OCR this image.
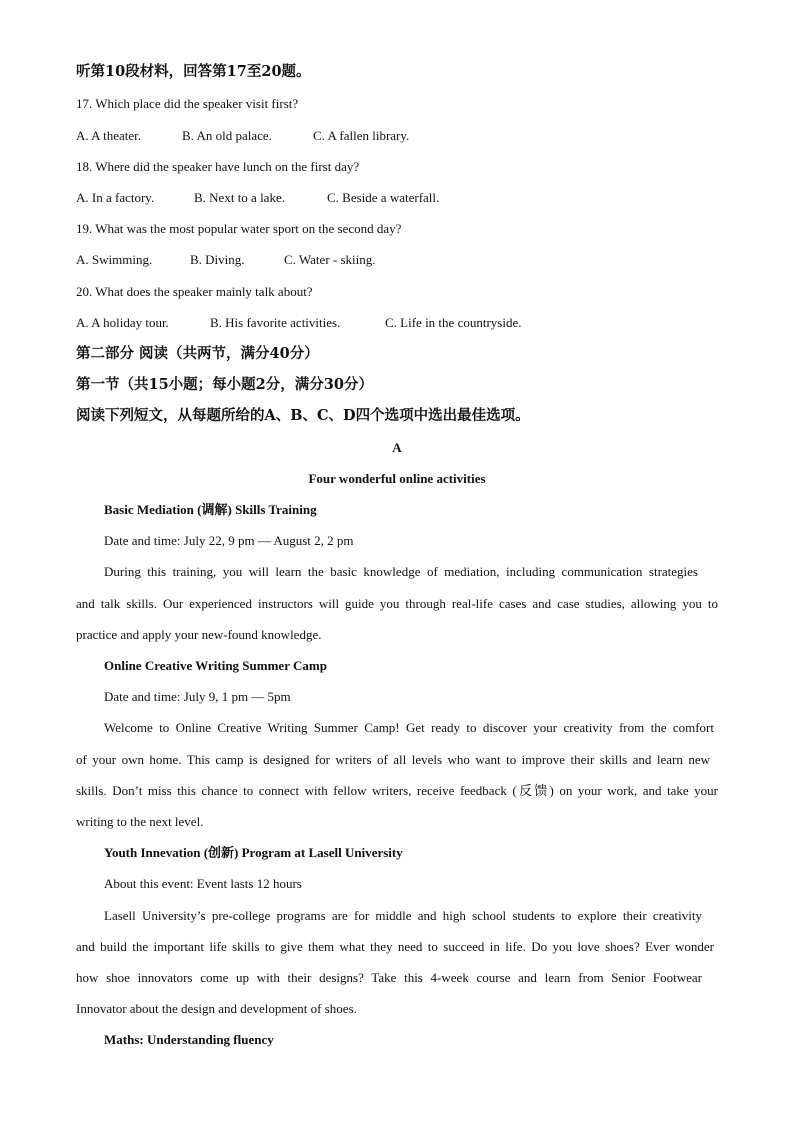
听第10段材料，回答第17至20题。
17. Which place did the speaker visit first?
A. A theater.	B. An old palace.	C. A fallen library.
18. Where did the speaker have lunch on the first day?
A. In a factory.	B. Next to a lake.	C. Beside a waterfall.
19. What was the most popular water sport on the second day?
A. Swimming.	B. Diving.	C. Water - skiing.
20. What does the speaker mainly talk about?
A. A holiday tour.	B. His favorite activities.	C. Life in the countryside.
第二部分 阅读（共两节，满分40分）
第一节（共15小题；每小题2分，满分30分）
阅读下列短文，从每题所给的A、B、C、D四个选项中选出最佳选项。
A
Four wonderful online activities
Basic Mediation (调解) Skills Training
Date and time: July 22, 9 pm — August 2, 2 pm
During this training, you will learn the basic knowledge of mediation, including communication strategies
and talk skills. Our experienced instructors will guide you through real-life cases and case studies, allowing you to
practice and apply your new-found knowledge.
Online Creative Writing Summer Camp
Date and time: July 9, 1 pm — 5pm
Welcome to Online Creative Writing Summer Camp! Get ready to discover your creativity from the comfort
of your own home. This camp is designed for writers of all levels who want to improve their skills and learn new
skills. Don’t miss this chance to connect with fellow writers, receive feedback (反馈) on your work, and take your
writing to the next level.
Youth Innevation (创新) Program at Lasell University
About this event: Event lasts 12 hours
Lasell University’s pre-college programs are for middle and high school students to explore their creativity
and build the important life skills to give them what they need to succeed in life. Do you love shoes? Ever wonder
how shoe innovators come up with their designs? Take this 4-week course and learn from Senior Footwear
Innovator about the design and development of shoes.
Maths: Understanding fluency
